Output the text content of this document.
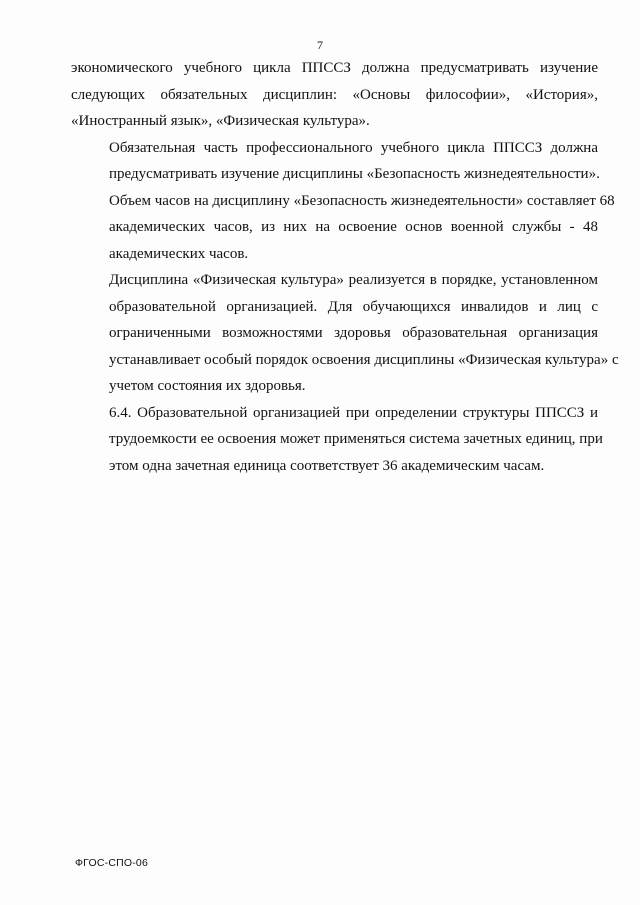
7

экономического учебного цикла ППССЗ должна предусматривать изучение
следующих обязательных дисциплин: «Основы философии», «История»,
«Иностранный язык», «Физическая культура».

Обязательная часть профессионального учебного цикла ППССЗ должна
предусматривать изучение дисциплины «Безопасность жизнедеятельности».
Объем часов на дисциплину «Безопасность жизнедеятельности» составляет 68
академических часов, из них на освоение основ военной службы - 48
академических часов.

Дисциплина «Физическая культура» реализуется в порядке, установленном
образовательной организацией. Для обучающихся инвалидов и лиц с
ограниченными возможностями здоровья образовательная организация
устанавливает особый порядок освоения дисциплины «Физическая культура» с
учетом состояния их здоровья.

6.4. Образовательной организацией при определении структуры ППССЗ и
трудоемкости ее освоения может применяться система зачетных единиц, при
этом одна зачетная единица соответствует 36 академическим часам.

ФГОС-СПО-06
